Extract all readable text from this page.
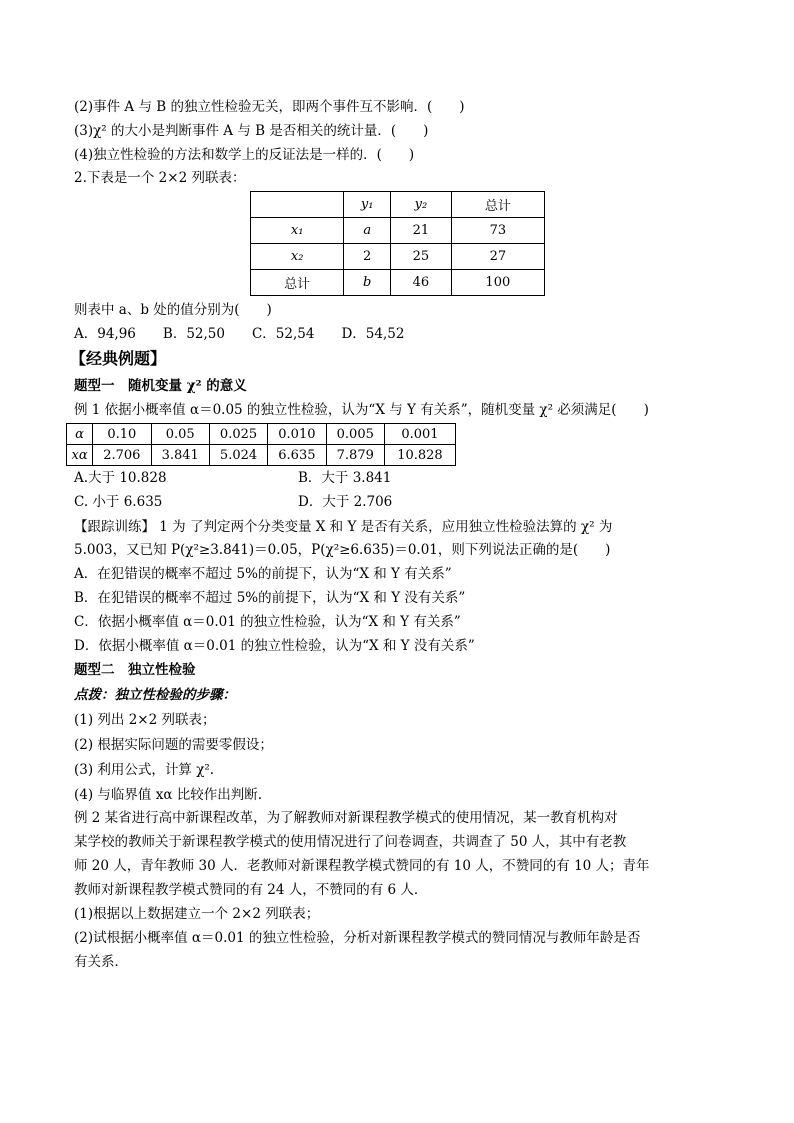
(2)事件 A 与 B 的独立性检验无关，即两个事件互不影响．(　　)
(3)χ² 的大小是判断事件 A 与 B 是否相关的统计量．(　　)
(4)独立性检验的方法和数学上的反证法是一样的．(　　)
2.下表是一个 2×2 列联表：
	y₁	y₂	总计
x₁	a	21	73
x₂	2	25	27
总计	b	46	100
则表中 a、b 处的值分别为(　　)
A．94,96　　B．52,50　　C．52,54　　D．54,52
【经典例题】
题型一　随机变量 χ² 的意义
例 1 依据小概率值 α＝0.05 的独立性检验，认为“X 与 Y 有关系”，随机变量 χ² 必须满足(　　)
α	0.10	0.05	0.025	0.010	0.005	0.001
xα	2.706	3.841	5.024	6.635	7.879	10.828
A.大于 10.828	B．大于 3.841
C. 小于 6.635	D．大于 2.706
【跟踪训练】 1 为 了判定两个分类变量 X 和 Y 是否有关系，应用独立性检验法算的 χ² 为
5.003，又已知 P(χ²≥3.841)＝0.05，P(χ²≥6.635)＝0.01，则下列说法正确的是(　　)
A．在犯错误的概率不超过 5%的前提下，认为“X 和 Y 有关系”
B．在犯错误的概率不超过 5%的前提下，认为“X 和 Y 没有关系”
C．依据小概率值 α＝0.01 的独立性检验，认为“X 和 Y 有关系”
D．依据小概率值 α＝0.01 的独立性检验，认为“X 和 Y 没有关系”
题型二　独立性检验
点拨：独立性检验的步骤：
(1) 列出 2×2 列联表；
(2) 根据实际问题的需要零假设；
(3) 利用公式，计算 χ².
(4) 与临界值 xα 比较作出判断.
例 2 某省进行高中新课程改革，为了解教师对新课程教学模式的使用情况，某一教育机构对
某学校的教师关于新课程教学模式的使用情况进行了问卷调查，共调查了 50 人，其中有老教
师 20 人，青年教师 30 人．老教师对新课程教学模式赞同的有 10 人，不赞同的有 10 人；青年
教师对新课程教学模式赞同的有 24 人，不赞同的有 6 人．
(1)根据以上数据建立一个 2×2 列联表；
(2)试根据小概率值 α＝0.01 的独立性检验，分析对新课程教学模式的赞同情况与教师年龄是否
有关系．
